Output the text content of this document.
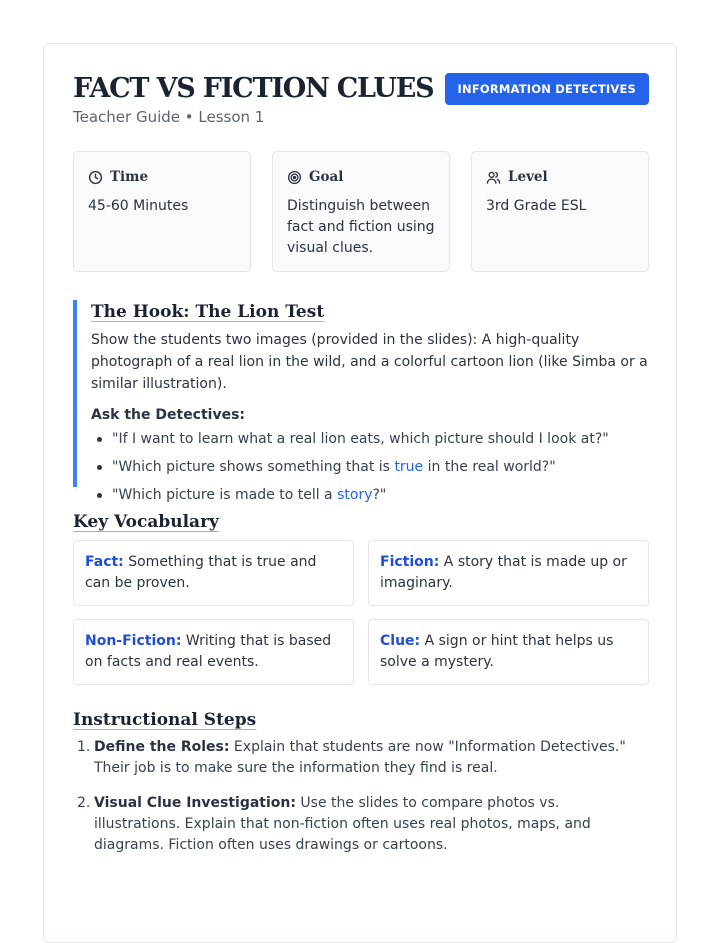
FACT VS FICTION CLUES
Teacher Guide • Lesson 1
INFORMATION DETECTIVES
Time
45-60 Minutes
Goal
Distinguish between fact and fiction using visual clues.
Level
3rd Grade ESL
The Hook: The Lion Test

Show the students two images (provided in the slides): A high-quality photograph of a real lion in the wild, and a colorful cartoon lion (like Simba or a similar illustration).

Ask the Detectives:
"If I want to learn what a real lion eats, which picture should I look at?"
"Which picture shows something that is true in the real world?"
"Which picture is made to tell a story?"
Key Vocabulary
Fact: Something that is true and can be proven.
Fiction: A story that is made up or imaginary.
Non-Fiction: Writing that is based on facts and real events.
Clue: A sign or hint that helps us solve a mystery.
Instructional Steps
1. Define the Roles: Explain that students are now "Information Detectives." Their job is to make sure the information they find is real.
2. Visual Clue Investigation: Use the slides to compare photos vs. illustrations. Explain that non-fiction often uses real photos, maps, and diagrams. Fiction often uses drawings or cartoons.
